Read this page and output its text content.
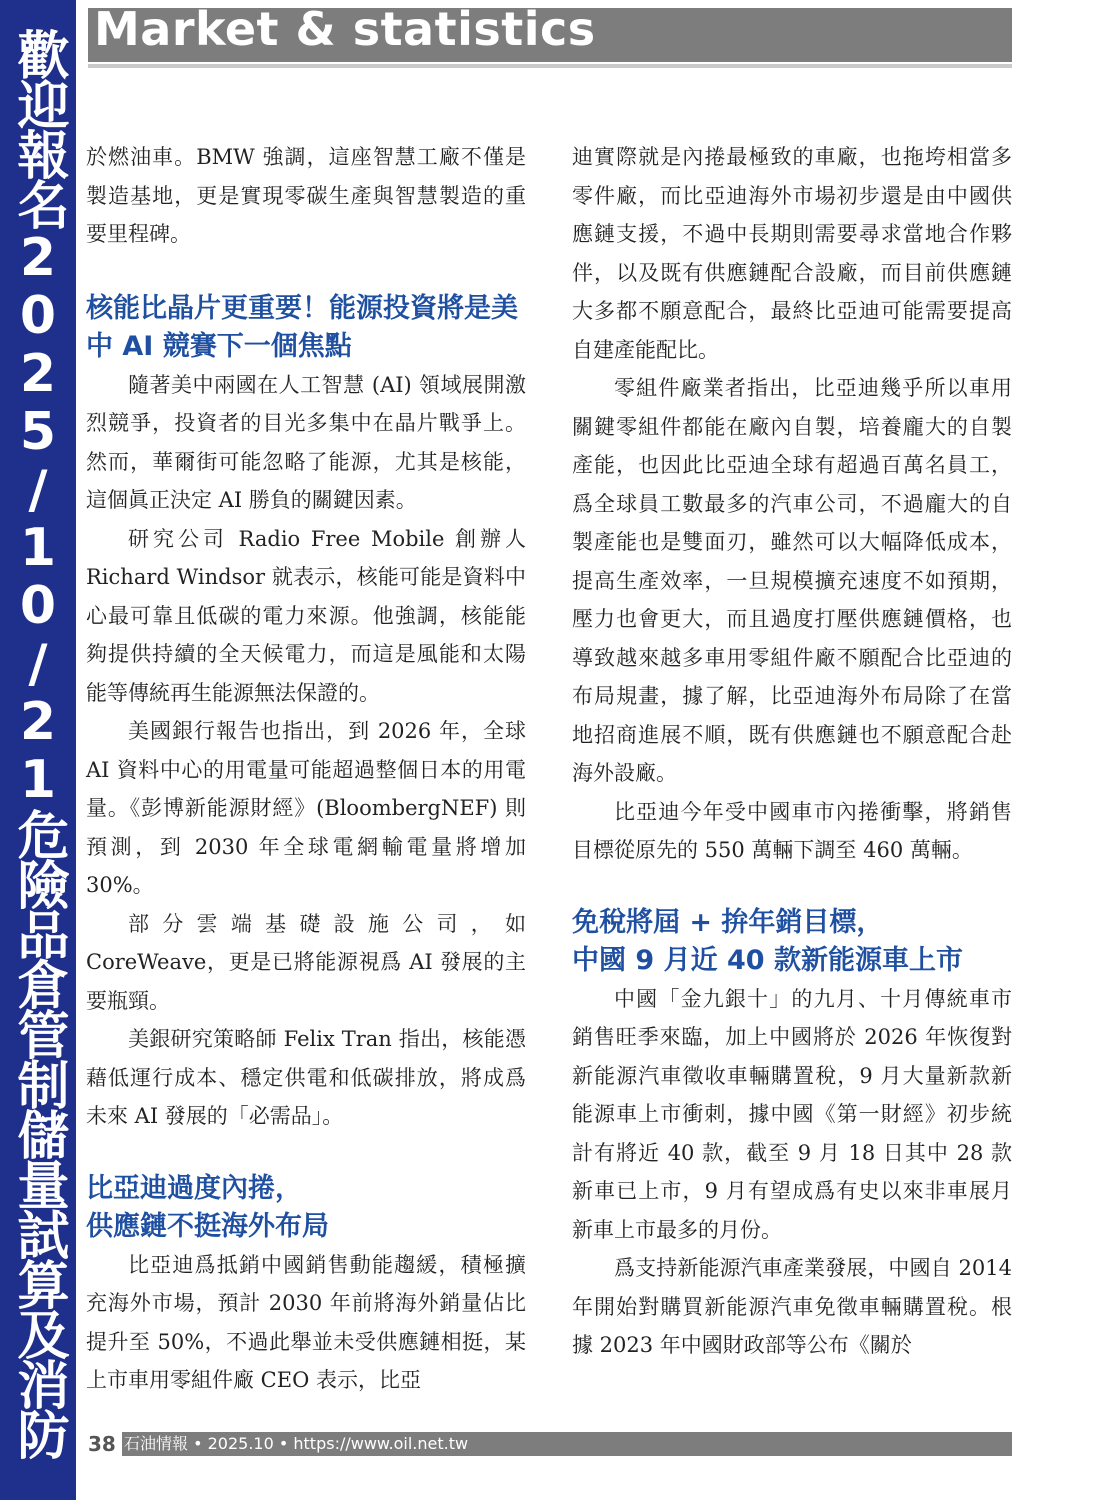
歡迎報名2025/10/21危險品倉管制儲量試算及消防
Market & statistics

於燃油車。BMW 強調，這座智慧工廠不僅是製造基地，更是實現零碳生產與智慧製造的重要里程碑。

核能比晶片更重要！能源投資將是美中 AI 競賽下一個焦點

隨著美中兩國在人工智慧 (AI) 領域展開激烈競爭，投資者的目光多集中在晶片戰爭上。然而，華爾街可能忽略了能源，尤其是核能，這個眞正決定 AI 勝負的關鍵因素。

研究公司 Radio Free Mobile 創辦人 Richard Windsor 就表示，核能可能是資料中心最可靠且低碳的電力來源。他強調，核能能夠提供持續的全天候電力，而這是風能和太陽能等傳統再生能源無法保證的。

美國銀行報告也指出，到 2026 年，全球 AI 資料中心的用電量可能超過整個日本的用電量。《彭博新能源財經》(BloombergNEF) 則預測，到 2030 年全球電網輸電量將增加 30%。

部分雲端基礎設施公司，如 CoreWeave，更是已將能源視爲 AI 發展的主要瓶頸。

美銀研究策略師 Felix Tran 指出，核能憑藉低運行成本、穩定供電和低碳排放，將成爲未來 AI 發展的「必需品」。

比亞迪過度內捲，
供應鏈不挺海外布局

比亞迪爲抵銷中國銷售動能趨緩，積極擴充海外市場，預計 2030 年前將海外銷量佔比提升至 50%，不過此舉並未受供應鏈相挺，某上市車用零組件廠 CEO 表示，比亞

迪實際就是內捲最極致的車廠，也拖垮相當多零件廠，而比亞迪海外市場初步還是由中國供應鏈支援，不過中長期則需要尋求當地合作夥伴，以及既有供應鏈配合設廠，而目前供應鏈大多都不願意配合，最終比亞迪可能需要提高自建產能配比。

零組件廠業者指出，比亞迪幾乎所以車用關鍵零組件都能在廠內自製，培養龐大的自製產能，也因此比亞迪全球有超過百萬名員工，爲全球員工數最多的汽車公司，不過龐大的自製產能也是雙面刃，雖然可以大幅降低成本，提高生產效率，一旦規模擴充速度不如預期，壓力也會更大，而且過度打壓供應鏈價格，也導致越來越多車用零組件廠不願配合比亞迪的布局規畫，據了解，比亞迪海外布局除了在當地招商進展不順，既有供應鏈也不願意配合赴海外設廠。

比亞迪今年受中國車市內捲衝擊，將銷售目標從原先的 550 萬輛下調至 460 萬輛。

免稅將屆 + 拚年銷目標，
中國 9 月近 40 款新能源車上市

中國「金九銀十」的九月、十月傳統車市銷售旺季來臨，加上中國將於 2026 年恢復對新能源汽車徵收車輛購置稅，9 月大量新款新能源車上市衝刺，據中國《第一財經》初步統計有將近 40 款，截至 9 月 18 日其中 28 款新車已上市，9 月有望成爲有史以來非車展月新車上市最多的月份。

爲支持新能源汽車產業發展，中國自 2014 年開始對購買新能源汽車免徵車輛購置稅。根據 2023 年中國財政部等公布《關於

38 石油情報 • 2025.10 • https://www.oil.net.tw
